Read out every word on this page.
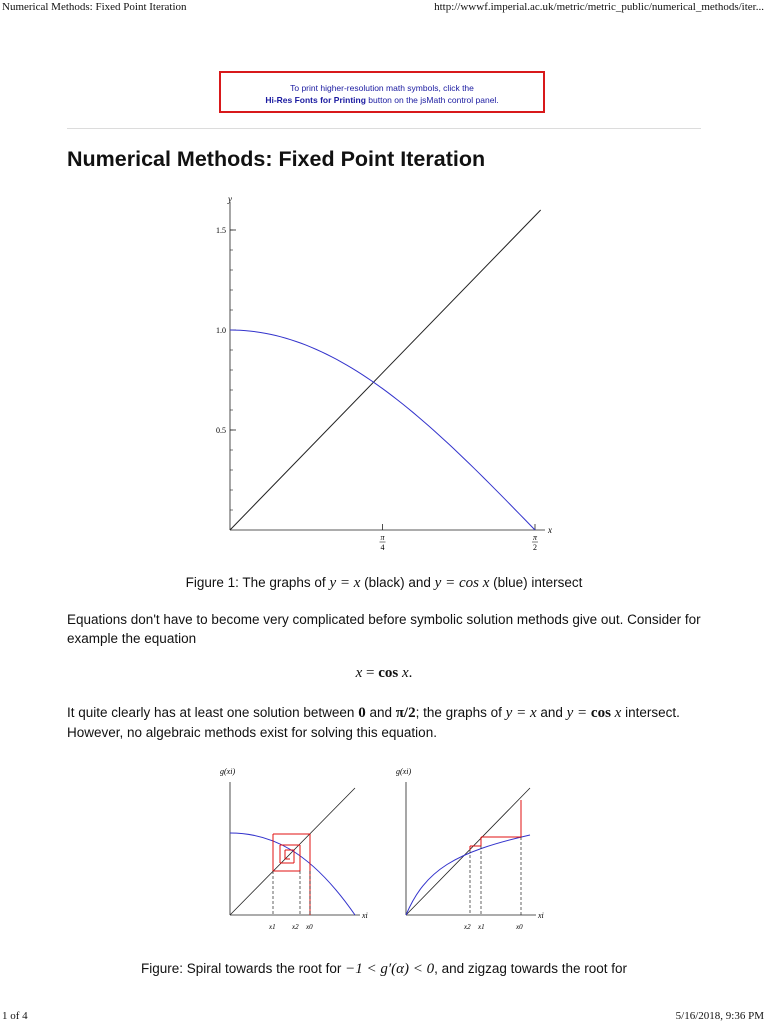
Numerical Methods: Fixed Point Iteration	http://wwwf.imperial.ac.uk/metric/metric_public/numerical_methods/iter...
To print higher-resolution math symbols, click the
Hi-Res Fonts for Printing button on the jsMath control panel.
Numerical Methods: Fixed Point Iteration
y
x
0.5
1.0
1.5
π
4
π
2
Figure 1: The graphs of y = x (black) and y = cos x (blue) intersect
Equations don't have to become very complicated before symbolic solution methods give out. Consider for example the equation
x = cos x.
It quite clearly has at least one solution between 0 and π/2; the graphs of y = x and y = cos x intersect. However, no algebraic methods exist for solving this equation.
g(xi)
xi
x1 x2 x0
g(xi)
xi
x2 x1	x0
Figure: Spiral towards the root for −1 < g′(α) < 0, and zigzag towards the root for
1 of 4	5/16/2018, 9:36 PM
